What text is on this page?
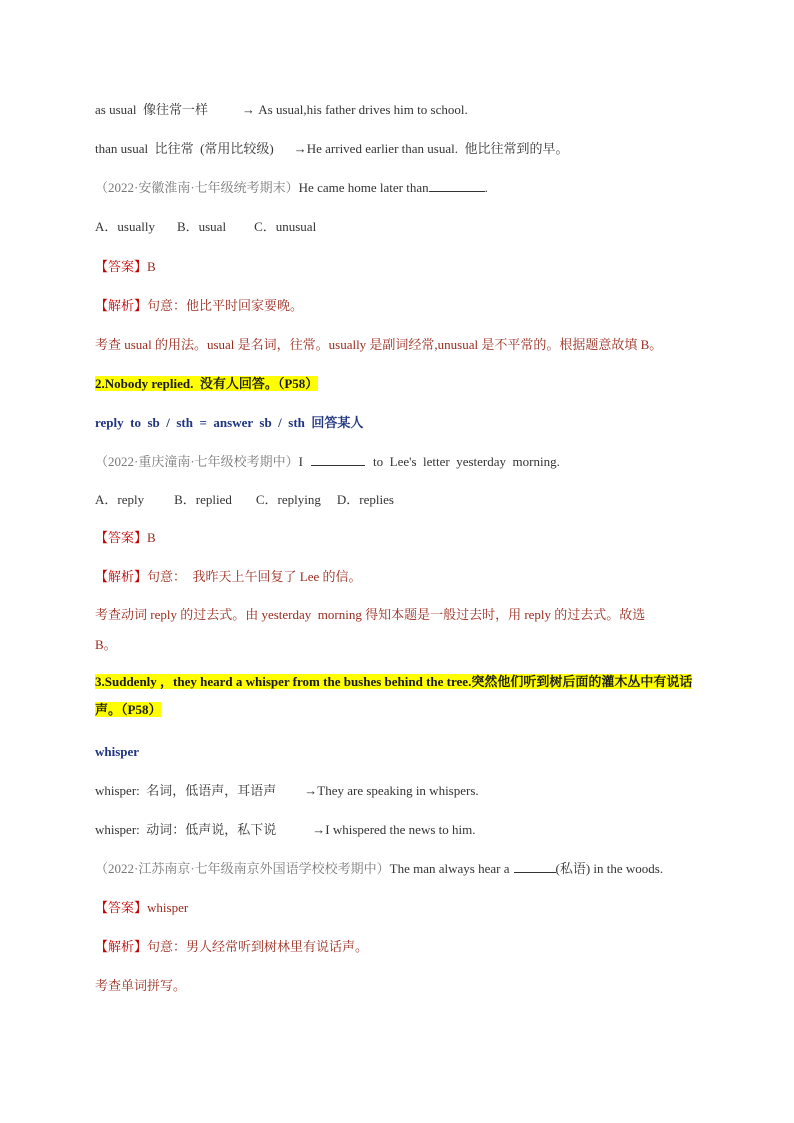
as usual  像往常一样	→ As usual,his father drives him to school.
than usual  比往常  (常用比较级) →He arrived earlier than usual.  他比往常到的早。
（2022·安徽淮南·七年级统考期末）He came home later than	.
A．usually B．usual C．unusual
【答案】B
【解析】句意：他比平时回家要晚。
考查 usual 的用法。usual 是名词，往常。usually 是副词经常,unusual 是不平常的。根据题意故填 B。
2.Nobody replied.  没有人回答。（P58）
reply  to  sb  /  sth  =  answer  sb  /  sth  回答某人
（2022·重庆潼南·七年级校考期中）I	to  Lee's  letter  yesterday  morning.
A．reply B．replied C．replying D．replies
【答案】B
【解析】句意：  我昨天上午回复了 Lee 的信。
考查动词 reply 的过去式。由 yesterday  morning 得知本题是一般过去时，用 reply 的过去式。故选
B。
3.Suddenly ，they heard a whisper from the bushes behind the tree.突然他们听到树后面的灌木丛中有说话声。（P58）
whisper
whisper:  名词，低语声，耳语声 →They are speaking in whispers.
whisper:  动词：低声说，私下说	→I whispered the news to him.
（2022·江苏南京·七年级南京外国语学校校考期中）The man always hear a	(私语) in the woods.
【答案】whisper
【解析】句意：男人经常听到树林里有说话声。
考查单词拼写。
